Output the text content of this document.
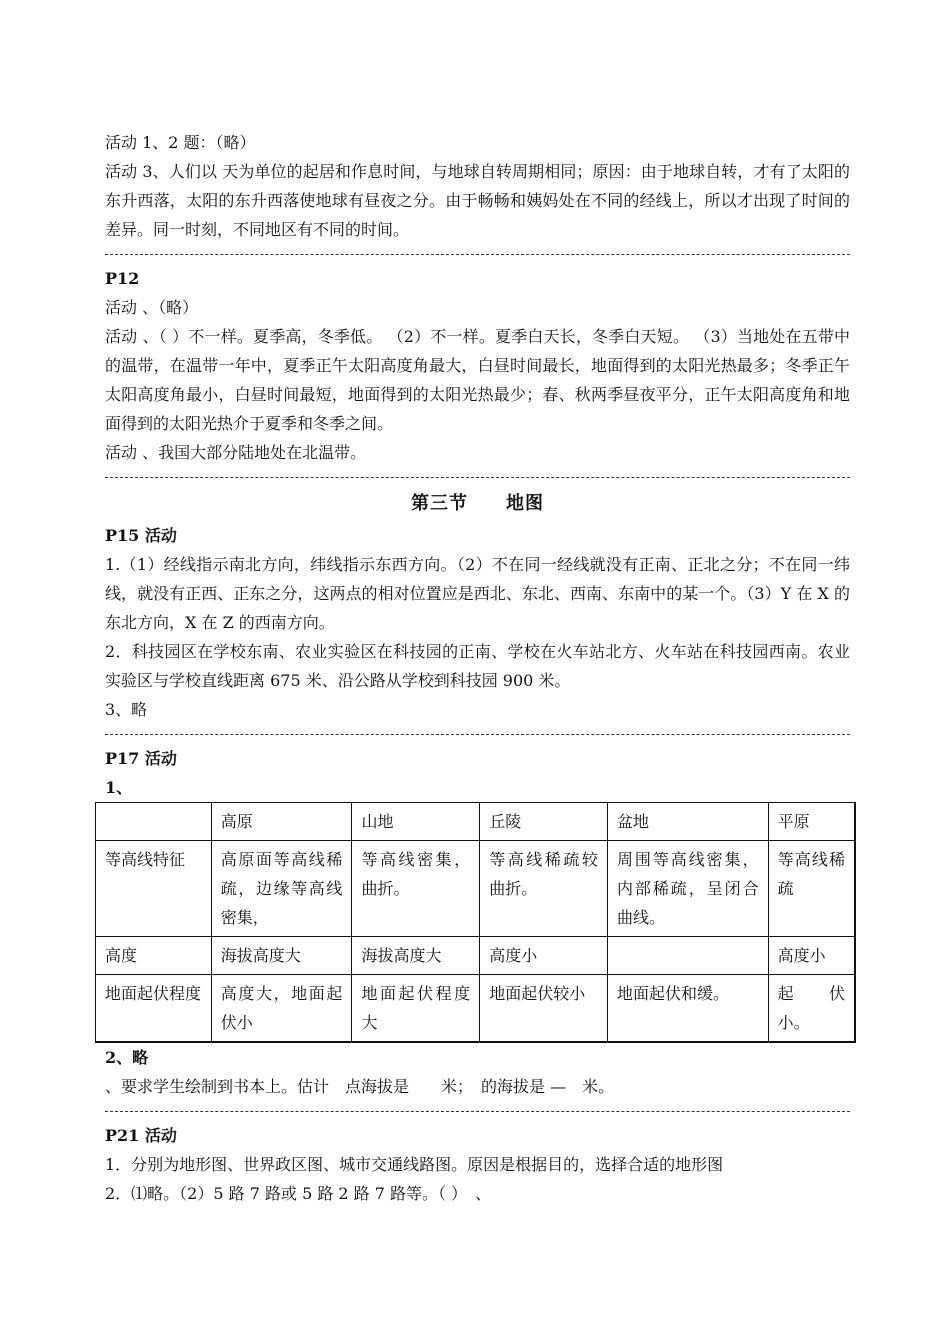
活动 1、2 题：（略）
活动 3、人们以 天为单位的起居和作息时间，与地球自转周期相同；原因：由于地球自转，才有了太阳的东升西落，太阳的东升西落使地球有昼夜之分。由于畅畅和姨妈处在不同的经线上，所以才出现了时间的差异。同一时刻，不同地区有不同的时间。
P12
活动 、（略）
活动 、（ ）不一样。夏季高，冬季低。 （2）不一样。夏季白天长，冬季白天短。 （3）当地处在五带中的温带，在温带一年中，夏季正午太阳高度角最大，白昼时间最长，地面得到的太阳光热最多；冬季正午太阳高度角最小，白昼时间最短，地面得到的太阳光热最少；春、秋两季昼夜平分，正午太阳高度角和地面得到的太阳光热介于夏季和冬季之间。
活动 、我国大部分陆地处在北温带。
第三节　　地图
P15 活动
1.（1）经线指示南北方向，纬线指示东西方向。（2）不在同一经线就没有正南、正北之分；不在同一纬线，就没有正西、正东之分，这两点的相对位置应是西北、东北、西南、东南中的某一个。（3）Y 在 X 的东北方向，X 在 Z 的西南方向。
2．科技园区在学校东南、农业实验区在科技园的正南、学校在火车站北方、火车站在科技园西南。农业实验区与学校直线距离 675 米、沿公路从学校到科技园 900 米。
3、略
P17 活动
1、
	高原	山地	丘陵	盆地	平原
等高线特征	高原面等高线稀疏，边缘等高线密集，	等高线密集，曲折。	等高线稀疏较曲折。	周围等高线密集，内部稀疏，呈闭合曲线。	等高线稀疏
高度	海拔高度大	海拔高度大	高度小		高度小
地面起伏程度	高度大，地面起伏小	地面起伏程度大	地面起伏较小	地面起伏和缓。	起　伏小。
2、略
、要求学生绘制到书本上。估计　点海拔是　　米；　的海拔是 —　米。
P21 活动
1．分别为地形图、世界政区图、城市交通线路图。原因是根据目的，选择合适的地形图
2．⑴略。（2）5 路 7 路或 5 路 2 路 7 路等。（ ）　、
